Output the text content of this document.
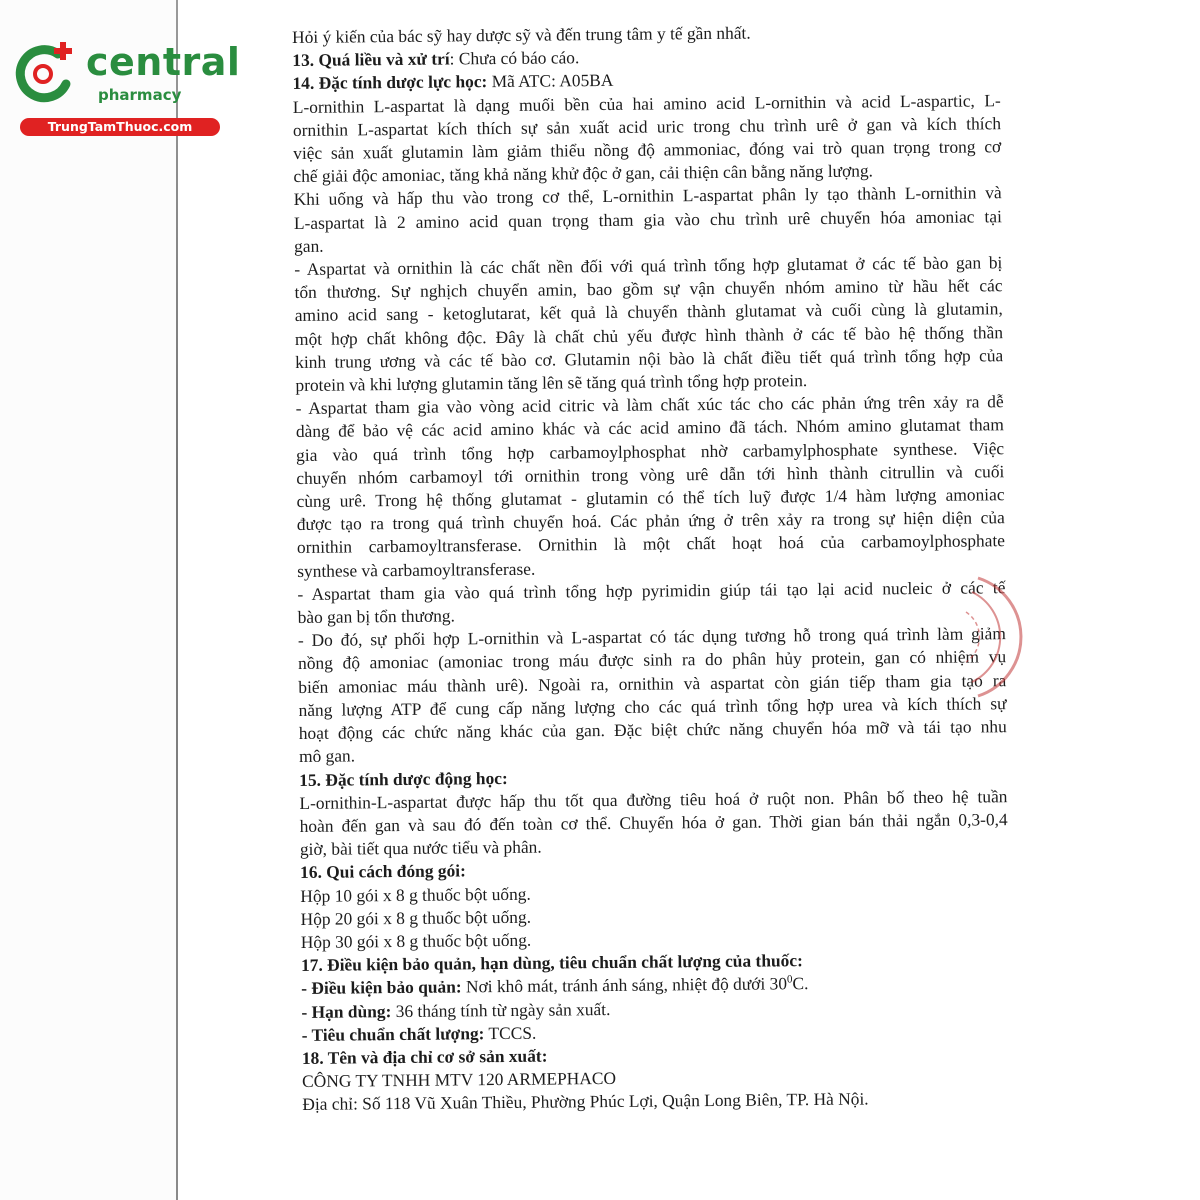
central
pharmacy
TrungTamThuoc.com

Hỏi ý kiến của bác sỹ hay dược sỹ và đến trung tâm y tế gần nhất.

13. Quá liều và xử trí: Chưa có báo cáo.

14. Đặc tính dược lực học: Mã ATC: A05BA

L-ornithin L-aspartat là dạng muối bền của hai amino acid L-ornithin và acid L-aspartic, L-

ornithin L-aspartat kích thích sự sản xuất acid uric trong chu trình urê ở gan và kích thích

việc sản xuất glutamin làm giảm thiểu nồng độ ammoniac, đóng vai trò quan trọng trong cơ

chế giải độc amoniac, tăng khả năng khử độc ở gan, cải thiện cân bằng năng lượng.

Khi uống và hấp thu vào trong cơ thể, L-ornithin L-aspartat phân ly tạo thành L-ornithin và

L-aspartat là 2 amino acid quan trọng tham gia vào chu trình urê chuyển hóa amoniac tại

gan.

- Aspartat và ornithin là các chất nền đối với quá trình tổng hợp glutamat ở các tế bào gan bị

tổn thương. Sự nghịch chuyển amin, bao gồm sự vận chuyển nhóm amino từ hầu hết các

amino acid sang - ketoglutarat, kết quả là chuyển thành glutamat và cuối cùng là glutamin,

một hợp chất không độc. Đây là chất chủ yếu được hình thành ở các tế bào hệ thống thần

kinh trung ương và các tế bào cơ. Glutamin nội bào là chất điều tiết quá trình tổng hợp của

protein và khi lượng glutamin tăng lên sẽ tăng quá trình tổng hợp protein.

- Aspartat tham gia vào vòng acid citric và làm chất xúc tác cho các phản ứng trên xảy ra dễ

dàng để bảo vệ các acid amino khác và các acid amino đã tách. Nhóm amino glutamat tham

gia vào quá trình tổng hợp carbamoylphosphat nhờ carbamylphosphate synthese. Việc

chuyển nhóm carbamoyl tới ornithin trong vòng urê dẫn tới hình thành citrullin và cuối

cùng urê. Trong hệ thống glutamat - glutamin có thể tích luỹ được 1/4 hàm lượng amoniac

được tạo ra trong quá trình chuyển hoá. Các phản ứng ở trên xảy ra trong sự hiện diện của

ornithin carbamoyltransferase. Ornithin là một chất hoạt hoá của carbamoylphosphate

synthese và carbamoyltransferase.

- Aspartat tham gia vào quá trình tổng hợp pyrimidin giúp tái tạo lại acid nucleic ở các tế

bào gan bị tổn thương.

- Do đó, sự phối hợp L-ornithin và L-aspartat có tác dụng tương hỗ trong quá trình làm giảm

nồng độ amoniac (amoniac trong máu được sinh ra do phân hủy protein, gan có nhiệm vụ

biến amoniac máu thành urê). Ngoài ra, ornithin và aspartat còn gián tiếp tham gia tạo ra

năng lượng ATP để cung cấp năng lượng cho các quá trình tổng hợp urea và kích thích sự

hoạt động các chức năng khác của gan. Đặc biệt chức năng chuyển hóa mỡ và tái tạo nhu

mô gan.

15. Đặc tính dược động học:

L-ornithin-L-aspartat được hấp thu tốt qua đường tiêu hoá ở ruột non. Phân bố theo hệ tuần

hoàn đến gan và sau đó đến toàn cơ thể. Chuyển hóa ở gan. Thời gian bán thải ngắn 0,3-0,4

giờ, bài tiết qua nước tiểu và phân.

16. Qui cách đóng gói:

Hộp 10 gói x 8 g thuốc bột uống.

Hộp 20 gói x 8 g thuốc bột uống.

Hộp 30 gói x 8 g thuốc bột uống.

17. Điều kiện bảo quản, hạn dùng, tiêu chuẩn chất lượng của thuốc:

- Điều kiện bảo quản: Nơi khô mát, tránh ánh sáng, nhiệt độ dưới $30^0C$.

- Hạn dùng: 36 tháng tính từ ngày sản xuất.

- Tiêu chuẩn chất lượng: TCCS.

18. Tên và địa chỉ cơ sở sản xuất:

CÔNG TY TNHH MTV 120 ARMEPHACO

Địa chỉ: Số 118 Vũ Xuân Thiều, Phường Phúc Lợi, Quận Long Biên, TP. Hà Nội.
